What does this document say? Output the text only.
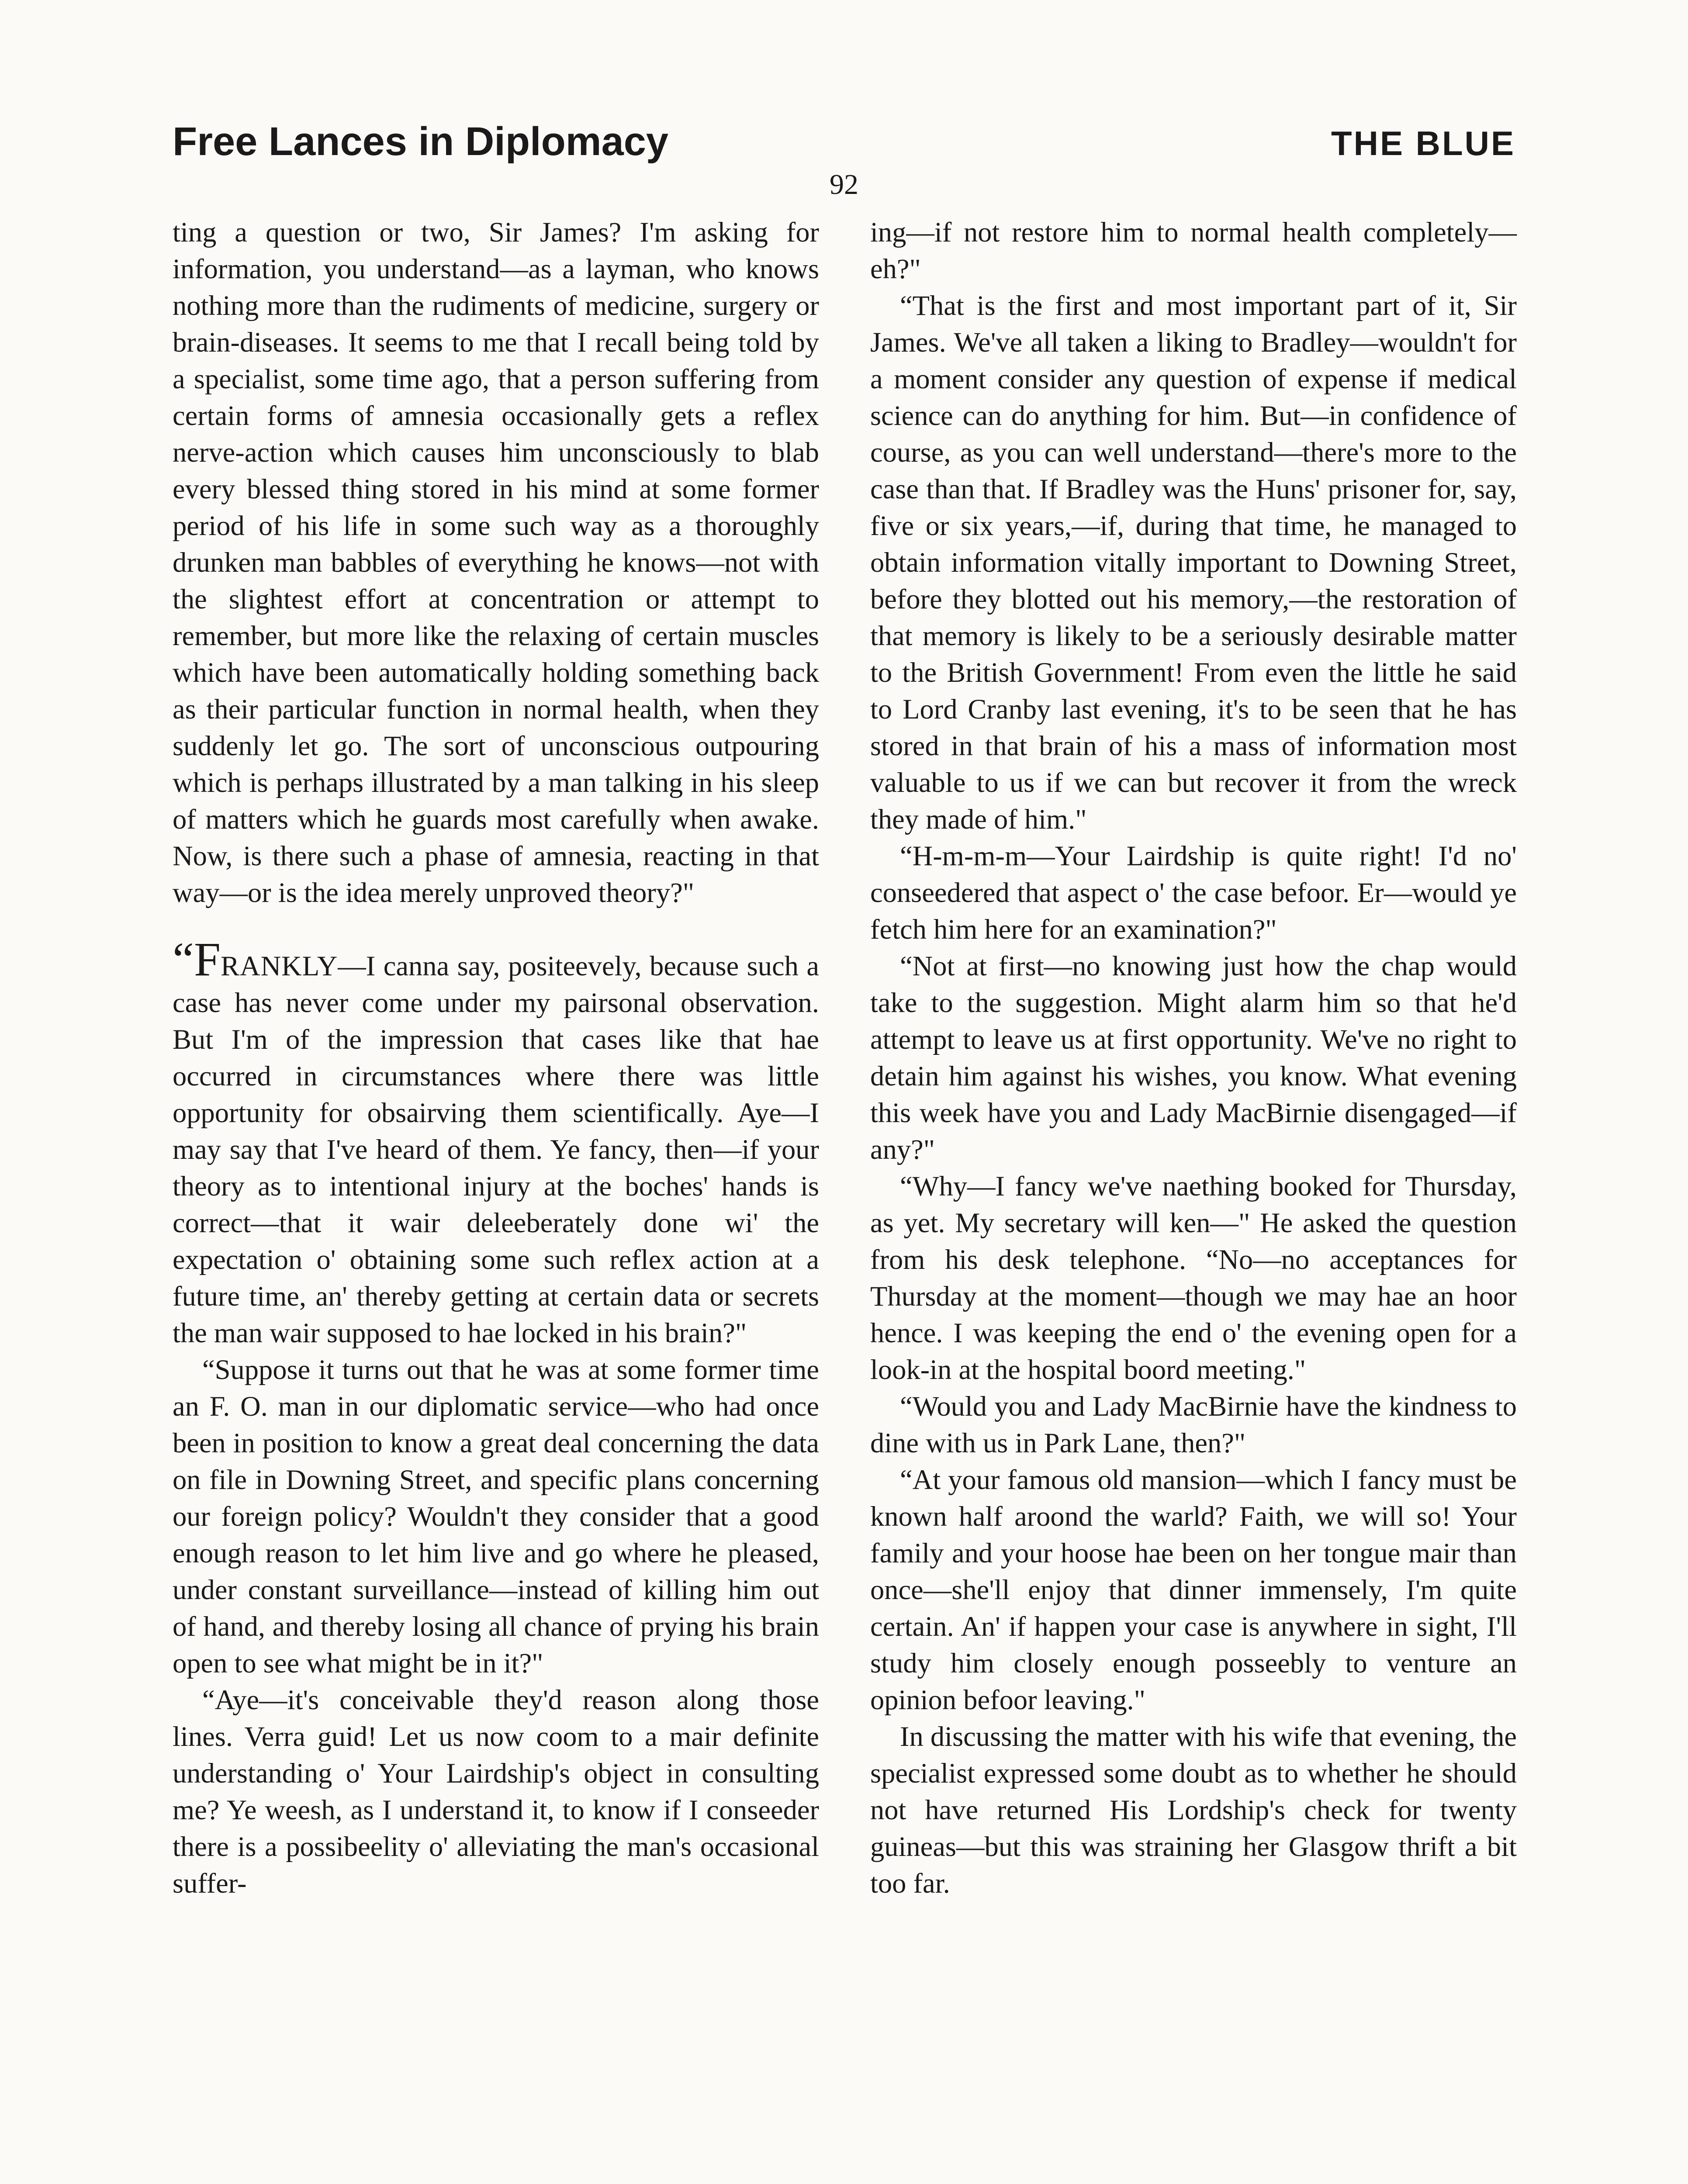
Free Lances in Diplomacy	THE BLUE
92

ting a question or two, Sir James? I'm asking for information, you understand—as a layman, who knows nothing more than the rudiments of medicine, surgery or brain-diseases. It seems to me that I recall being told by a specialist, some time ago, that a person suffering from certain forms of amnesia occasionally gets a reflex nerve-action which causes him unconsciously to blab every blessed thing stored in his mind at some former period of his life in some such way as a thoroughly drunken man babbles of everything he knows—not with the slightest effort at concentration or attempt to remember, but more like the relaxing of certain muscles which have been automatically holding something back as their particular function in normal health, when they suddenly let go. The sort of unconscious outpouring which is perhaps illustrated by a man talking in his sleep of matters which he guards most carefully when awake. Now, is there such a phase of amnesia, reacting in that way—or is the idea merely unproved theory?"

“FRANKLY—I canna say, positeevely, because such a case has never come under my pairsonal observation. But I'm of the impression that cases like that hae occurred in circumstances where there was little opportunity for obsairving them scientifically. Aye—I may say that I've heard of them. Ye fancy, then—if your theory as to intentional injury at the boches' hands is correct—that it wair deleeberately done wi' the expectation o' obtaining some such reflex action at a future time, an' thereby getting at certain data or secrets the man wair supposed to hae locked in his brain?"

“Suppose it turns out that he was at some former time an F. O. man in our diplomatic service—who had once been in position to know a great deal concerning the data on file in Downing Street, and specific plans concerning our foreign policy? Wouldn't they consider that a good enough reason to let him live and go where he pleased, under constant surveillance—instead of killing him out of hand, and thereby losing all chance of prying his brain open to see what might be in it?"

“Aye—it's conceivable they'd reason along those lines. Verra guid! Let us now coom to a mair definite understanding o' Your Lairdship's object in consulting me? Ye weesh, as I understand it, to know if I conseeder there is a possibeelity o' alleviating the man's occasional suffer-

ing—if not restore him to normal health completely—eh?"

“That is the first and most important part of it, Sir James. We've all taken a liking to Bradley—wouldn't for a moment consider any question of expense if medical science can do anything for him. But—in confidence of course, as you can well understand—there's more to the case than that. If Bradley was the Huns' prisoner for, say, five or six years,—if, during that time, he managed to obtain information vitally important to Downing Street, before they blotted out his memory,—the restoration of that memory is likely to be a seriously desirable matter to the British Government! From even the little he said to Lord Cranby last evening, it's to be seen that he has stored in that brain of his a mass of information most valuable to us if we can but recover it from the wreck they made of him."

“H-m-m-m—Your Lairdship is quite right! I'd no' conseedered that aspect o' the case befoor. Er—would ye fetch him here for an examination?"

“Not at first—no knowing just how the chap would take to the suggestion. Might alarm him so that he'd attempt to leave us at first opportunity. We've no right to detain him against his wishes, you know. What evening this week have you and Lady MacBirnie disengaged—if any?"

“Why—I fancy we've naething booked for Thursday, as yet. My secretary will ken—" He asked the question from his desk telephone. “No—no acceptances for Thursday at the moment—though we may hae an hoor hence. I was keeping the end o' the evening open for a look-in at the hospital boord meeting."

“Would you and Lady MacBirnie have the kindness to dine with us in Park Lane, then?"

“At your famous old mansion—which I fancy must be known half aroond the warld? Faith, we will so! Your family and your hoose hae been on her tongue mair than once—she'll enjoy that dinner immensely, I'm quite certain. An' if happen your case is anywhere in sight, I'll study him closely enough posseebly to venture an opinion befoor leaving."

In discussing the matter with his wife that evening, the specialist expressed some doubt as to whether he should not have returned His Lordship's check for twenty guineas—but this was straining her Glasgow thrift a bit too far.
